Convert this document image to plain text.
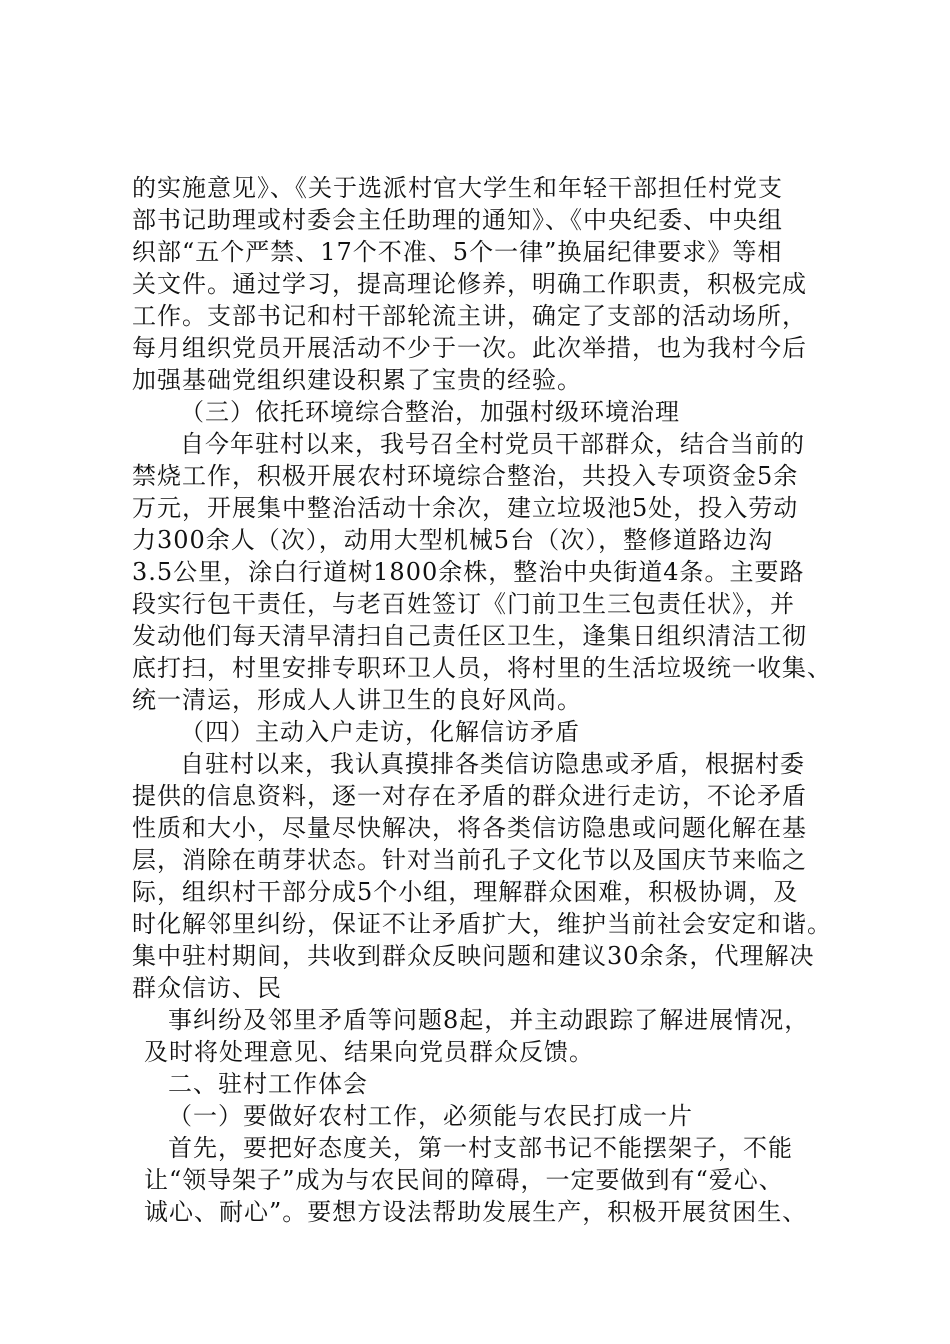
的实施意见》、《关于选派村官大学生和年轻干部担任村党支
部书记助理或村委会主任助理的通知》、《中央纪委、中央组
织部“五个严禁、17个不准、5个一律”换届纪律要求》等相
关文件。通过学习，提高理论修养，明确工作职责，积极完成
工作。支部书记和村干部轮流主讲，确定了支部的活动场所，
每月组织党员开展活动不少于一次。此次举措，也为我村今后
加强基础党组织建设积累了宝贵的经验。
（三）依托环境综合整治，加强村级环境治理
自今年驻村以来，我号召全村党员干部群众，结合当前的
禁烧工作，积极开展农村环境综合整治，共投入专项资金5余
万元，开展集中整治活动十余次，建立垃圾池5处，投入劳动
力300余人（次），动用大型机械5台（次），整修道路边沟
3.5公里，涂白行道树1800余株，整治中央街道4条。主要路
段实行包干责任，与老百姓签订《门前卫生三包责任状》，并
发动他们每天清早清扫自己责任区卫生，逢集日组织清洁工彻
底打扫，村里安排专职环卫人员，将村里的生活垃圾统一收集、
统一清运，形成人人讲卫生的良好风尚。
（四）主动入户走访，化解信访矛盾
自驻村以来，我认真摸排各类信访隐患或矛盾，根据村委
提供的信息资料，逐一对存在矛盾的群众进行走访，不论矛盾
性质和大小，尽量尽快解决，将各类信访隐患或问题化解在基
层，消除在萌芽状态。针对当前孔子文化节以及国庆节来临之
际，组织村干部分成5个小组，理解群众困难，积极协调，及
时化解邻里纠纷，保证不让矛盾扩大，维护当前社会安定和谐。
集中驻村期间，共收到群众反映问题和建议30余条，代理解决
群众信访、民
事纠纷及邻里矛盾等问题8起，并主动跟踪了解进展情况，
及时将处理意见、结果向党员群众反馈。
二、驻村工作体会
（一）要做好农村工作，必须能与农民打成一片
首先，要把好态度关，第一村支部书记不能摆架子，不能
让“领导架子”成为与农民间的障碍，一定要做到有“爱心、
诚心、耐心”。要想方设法帮助发展生产，积极开展贫困生、
